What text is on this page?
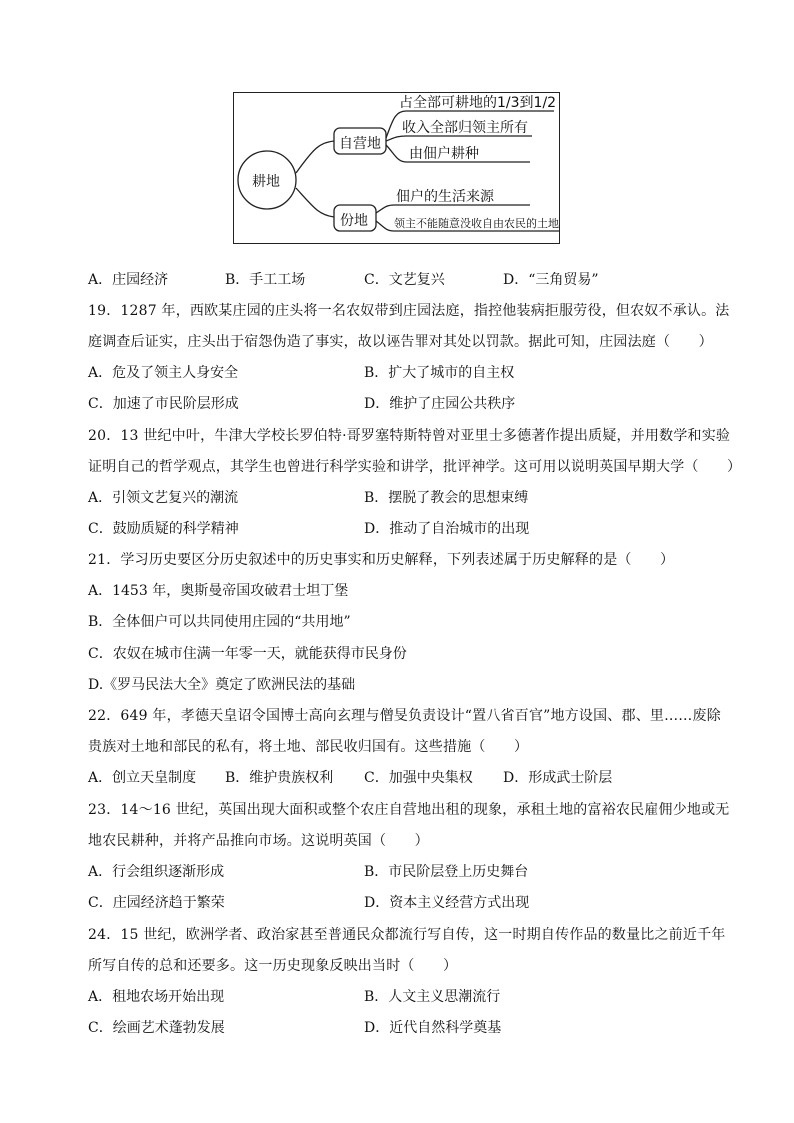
耕地
自营地
份地
占全部可耕地的1/3到1/2
收入全部归领主所有
由佃户耕种
佃户的生活来源
领主不能随意没收自由农民的土地
A．庄园经济	B．手工工场	C．文艺复兴	D．“三角贸易”
19．1287 年，西欧某庄园的庄头将一名农奴带到庄园法庭，指控他装病拒服劳役，但农奴不承认。法
庭调查后证实，庄头出于宿怨伪造了事实，故以诬告罪对其处以罚款。据此可知，庄园法庭（　　）
A．危及了领主人身安全	B．扩大了城市的自主权
C．加速了市民阶层形成	D．维护了庄园公共秩序
20．13 世纪中叶，牛津大学校长罗伯特·哥罗塞特斯特曾对亚里士多德著作提出质疑，并用数学和实验
证明自己的哲学观点，其学生也曾进行科学实验和讲学，批评神学。这可用以说明英国早期大学（　　）
A．引领文艺复兴的潮流	B．摆脱了教会的思想束缚
C．鼓励质疑的科学精神	D．推动了自治城市的出现
21．学习历史要区分历史叙述中的历史事实和历史解释，下列表述属于历史解释的是（　　）
A．1453 年，奥斯曼帝国攻破君士坦丁堡
B．全体佃户可以共同使用庄园的“共用地”
C．农奴在城市住满一年零一天，就能获得市民身份
D.《罗马民法大全》奠定了欧洲民法的基础
22．649 年，孝德天皇诏令国博士高向玄理与僧旻负责设计“置八省百官”地方设国、郡、里……废除
贵族对土地和部民的私有，将土地、部民收归国有。这些措施（　　）
A．创立天皇制度 B．维护贵族权利 C．加强中央集权 D．形成武士阶层
23．14～16 世纪，英国出现大面积或整个农庄自营地出租的现象，承租土地的富裕农民雇佣少地或无
地农民耕种，并将产品推向市场。这说明英国（　　）
A．行会组织逐渐形成	B．市民阶层登上历史舞台
C．庄园经济趋于繁荣	D．资本主义经营方式出现
24．15 世纪，欧洲学者、政治家甚至普通民众都流行写自传，这一时期自传作品的数量比之前近千年
所写自传的总和还要多。这一历史现象反映出当时（　　）
A．租地农场开始出现	B．人文主义思潮流行
C．绘画艺术蓬勃发展	D．近代自然科学奠基
